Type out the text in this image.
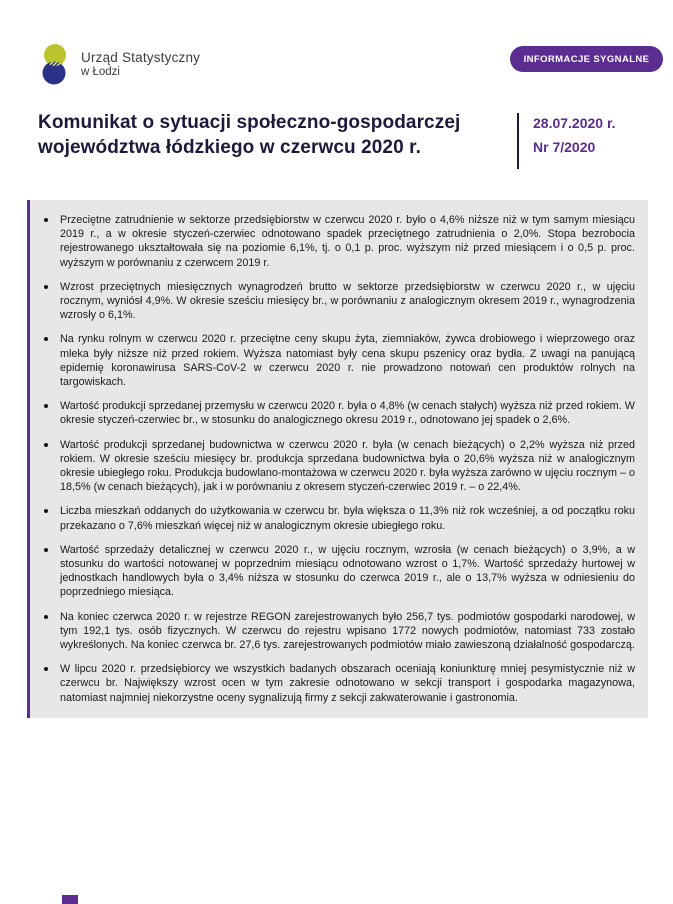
Urząd Statystyczny
w Łodzi
INFORMACJE SYGNALNE
Komunikat o sytuacji społeczno-gospodarczej
województwa łódzkiego w czerwcu 2020 r.
28.07.2020 r.
Nr 7/2020
Przeciętne zatrudnienie w sektorze przedsiębiorstw w czerwcu 2020 r. było o 4,6% niższe niż w tym samym miesiącu 2019 r., a w okresie styczeń-czerwiec odnotowano spadek przeciętnego zatrudnienia o 2,0%. Stopa bezrobocia rejestrowanego ukształtowała się na poziomie 6,1%, tj. o 0,1 p. proc. wyższym niż przed miesiącem i o 0,5 p. proc. wyższym w porównaniu z czerwcem 2019 r.
Wzrost przeciętnych miesięcznych wynagrodzeń brutto w sektorze przedsiębiorstw w czerwcu 2020 r., w ujęciu rocznym, wyniósł 4,9%. W okresie sześciu miesięcy br., w porównaniu z analogicznym okresem 2019 r., wynagrodzenia wzrosły o 6,1%.
Na rynku rolnym w czerwcu 2020 r. przeciętne ceny skupu żyta, ziemniaków, żywca drobiowego i wieprzowego oraz mleka były niższe niż przed rokiem. Wyższa natomiast były cena skupu pszenicy oraz bydła. Z uwagi na panującą epidemię koronawirusa SARS-CoV-2 w czerwcu 2020 r. nie prowadzono notowań cen produktów rolnych na targowiskach.
Wartość produkcji sprzedanej przemysłu w czerwcu 2020 r. była o 4,8% (w cenach stałych) wyższa niż przed rokiem. W okresie styczeń-czerwiec br., w stosunku do analogicznego okresu 2019 r., odnotowano jej spadek o 2,6%.
Wartość produkcji sprzedanej budownictwa w czerwcu 2020 r. była (w cenach bieżących) o 2,2% wyższa niż przed rokiem. W okresie sześciu miesięcy br. produkcja sprzedana budownictwa była o 20,6% wyższa niż w analogicznym okresie ubiegłego roku. Produkcja budowlano-montażowa w czerwcu 2020 r. była wyższa zarówno w ujęciu rocznym – o 18,5% (w cenach bieżących), jak i w porównaniu z okresem styczeń-czerwiec 2019 r. – o 22,4%.
Liczba mieszkań oddanych do użytkowania w czerwcu br. była większa o 11,3% niż rok wcześniej, a od początku roku przekazano o 7,6% mieszkań więcej niż w analogicznym okresie ubiegłego roku.
Wartość sprzedaży detalicznej w czerwcu 2020 r., w ujęciu rocznym, wzrosła (w cenach bieżących) o 3,9%, a w stosunku do wartości notowanej w poprzednim miesiącu odnotowano wzrost o 1,7%. Wartość sprzedaży hurtowej w jednostkach handlowych była o 3,4% niższa w stosunku do czerwca 2019 r., ale o 13,7% wyższa w odniesieniu do poprzedniego miesiąca.
Na koniec czerwca 2020 r. w rejestrze REGON zarejestrowanych było 256,7 tys. podmiotów gospodarki narodowej, w tym 192,1 tys. osób fizycznych. W czerwcu do rejestru wpisano 1772 nowych podmiotów, natomiast 733 zostało wykreślonych. Na koniec czerwca br. 27,6 tys. zarejestrowanych podmiotów miało zawieszoną działalność gospodarczą.
W lipcu 2020 r. przedsiębiorcy we wszystkich badanych obszarach oceniają koniunkturę mniej pesymistycznie niż w czerwcu br. Największy wzrost ocen w tym zakresie odnotowano w sekcji transport i gospodarka magazynowa, natomiast najmniej niekorzystne oceny sygnalizują firmy z sekcji zakwaterowanie i gastronomia.
